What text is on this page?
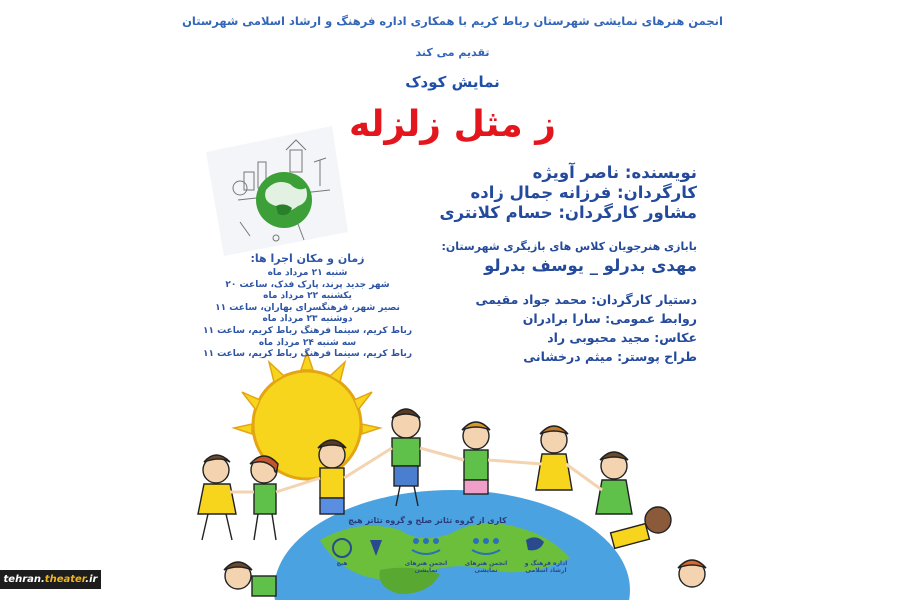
انجمن هنرهای نمایشی شهرستان رباط کریم با همکاری اداره فرهنگ و ارشاد اسلامی شهرستان
تقدیم می کند
نمایش کودک
ز مثل زلزله
نویسنده: ناصر آویژه
کارگردان: فرزانه جمال زاده
مشاور کارگردان: حسام کلانتری
بابازی هنرجویان کلاس های بازیگری شهرستان:
مهدی بدرلو _ یوسف بدرلو
دستیار کارگردان: محمد جواد مقیمی
روابط عمومی: سارا برادران
عکاس: مجید محبوبی راد
طراح پوستر: میثم درخشانی
زمان و مکان اجرا ها:
شنبه ۲۱ مرداد ماه
شهر جدید پرند، پارک فدک، ساعت ۲۰
یکشنبه ۲۲ مرداد ماه
نصیر شهر، فرهنگسرای بهاران، ساعت ۱۱
دوشنبه ۲۳ مرداد ماه
رباط کریم، سینما فرهنگ رباط کریم، ساعت ۱۱
سه شنبه ۲۴ مرداد ماه
رباط کریم، سینما فرهنگ رباط کریم، ساعت ۱۱
کاری از گروه تئاتر صلح و گروه تئاتر هیچ
هیچ	انجمن هنرهای نمایشی
انجمن هنرهای نمایشی
اداره فرهنگ و ارشاد اسلامی
tehran.theater.ir
